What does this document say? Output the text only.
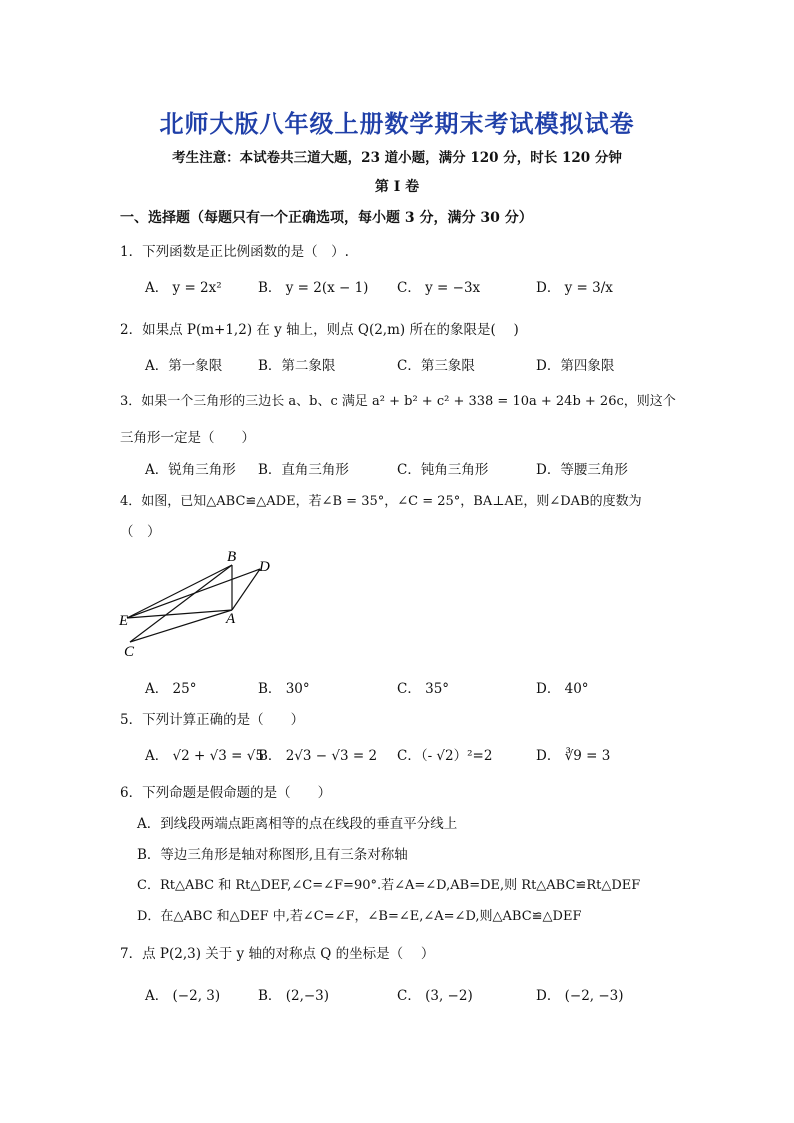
北师大版八年级上册数学期末考试模拟试卷
考生注意：本试卷共三道大题，23 道小题，满分 120 分，时长 120 分钟
第 I 卷
一、选择题（每题只有一个正确选项，每小题 3 分，满分 30 分）
1．下列函数是正比例函数的是（　）.
A． y = 2x²	B． y = 2(x − 1) C． y = −3x	D． y = 3/x
2．如果点 P(m+1,2) 在 y 轴上，则点 Q(2,m) 所在的象限是(　 )
A．第一象限	B．第二象限	C．第三象限	D．第四象限
3．如果一个三角形的三边长 a、b、c 满足 a² + b² + c² + 338 = 10a + 24b + 26c，则这个
三角形一定是（　　）
A．锐角三角形 B．直角三角形	C．钝角三角形	D．等腰三角形
4．如图，已知△ABC≌△ADE，若∠B = 35°，∠C = 25°，BA⊥AE，则∠DAB的度数为
（　）
B
D
E	A
C
A． 25°	B． 30°	C． 35°	D． 40°
5．下列计算正确的是（　　）
A． √2 + √3 = √5
B． 2√3 − √3 = 2 C．（- √2）²=2	D． ∛9 = 3
6．下列命题是假命题的是（　　）
A．到线段两端点距离相等的点在线段的垂直平分线上
B．等边三角形是轴对称图形,且有三条对称轴
C．Rt△ABC 和 Rt△DEF,∠C=∠F=90°.若∠A=∠D,AB=DE,则 Rt△ABC≌Rt△DEF
D．在△ABC 和△DEF 中,若∠C=∠F，∠B=∠E,∠A=∠D,则△ABC≌△DEF
7．点 P(2,3) 关于 y 轴的对称点 Q 的坐标是（　 ）
A． (−2, 3)	B． (2,−3)	C． (3, −2)	D． (−2, −3)
